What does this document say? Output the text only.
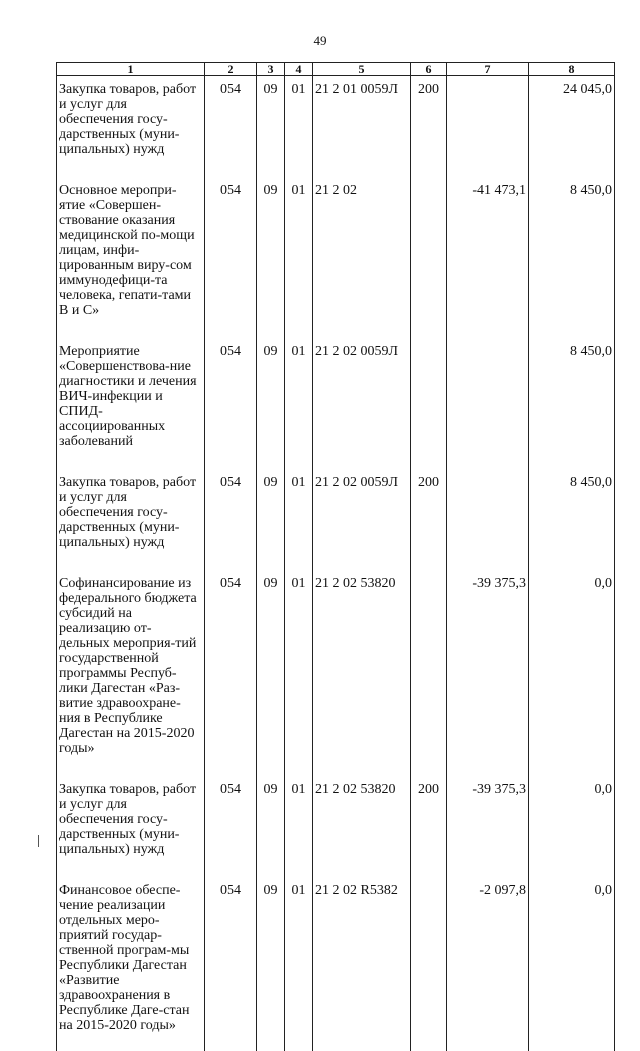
49
1	2	3	4	5	6	7	8

Закупка товаров, работ и услуг для обеспечения госу-дарственных (муни-ципальных) нужд	054	09	01	21 2 01 0059Л	200		24 045,0

Основное меропри-ятие «Совершен-ствование оказания медицинской по-мощи лицам, инфи-цированным виру-сом иммунодефици-та человека, гепати-тами В и С»	054	09	01	21 2 02		-41 473,1	8 450,0

Мероприятие «Совершенствова-ние диагностики и лечения ВИЧ-инфекции и СПИД-ассоциированных заболеваний	054	09	01	21 2 02 0059Л			8 450,0

Закупка товаров, работ и услуг для обеспечения госу-дарственных (муни-ципальных) нужд	054	09	01	21 2 02 0059Л	200		8 450,0

Софинансирование из федерального бюджета субсидий на реализацию от-дельных мероприя-тий государственной программы Респуб-лики Дагестан «Раз-витие здравоохране-ния в Республике Дагестан на 2015-2020 годы»	054	09	01	21 2 02 53820		-39 375,3	0,0

Закупка товаров, работ и услуг для обеспечения госу-дарственных (муни-ципальных) нужд	054	09	01	21 2 02 53820	200	-39 375,3	0,0

Финансовое обеспе-чение реализации отдельных меро-приятий государ-ственной програм-мы Республики Дагестан «Развитие здравоохранения в Республике Даге-стан на 2015-2020 годы»	054	09	01	21 2 02 R5382		-2 097,8	0,0
